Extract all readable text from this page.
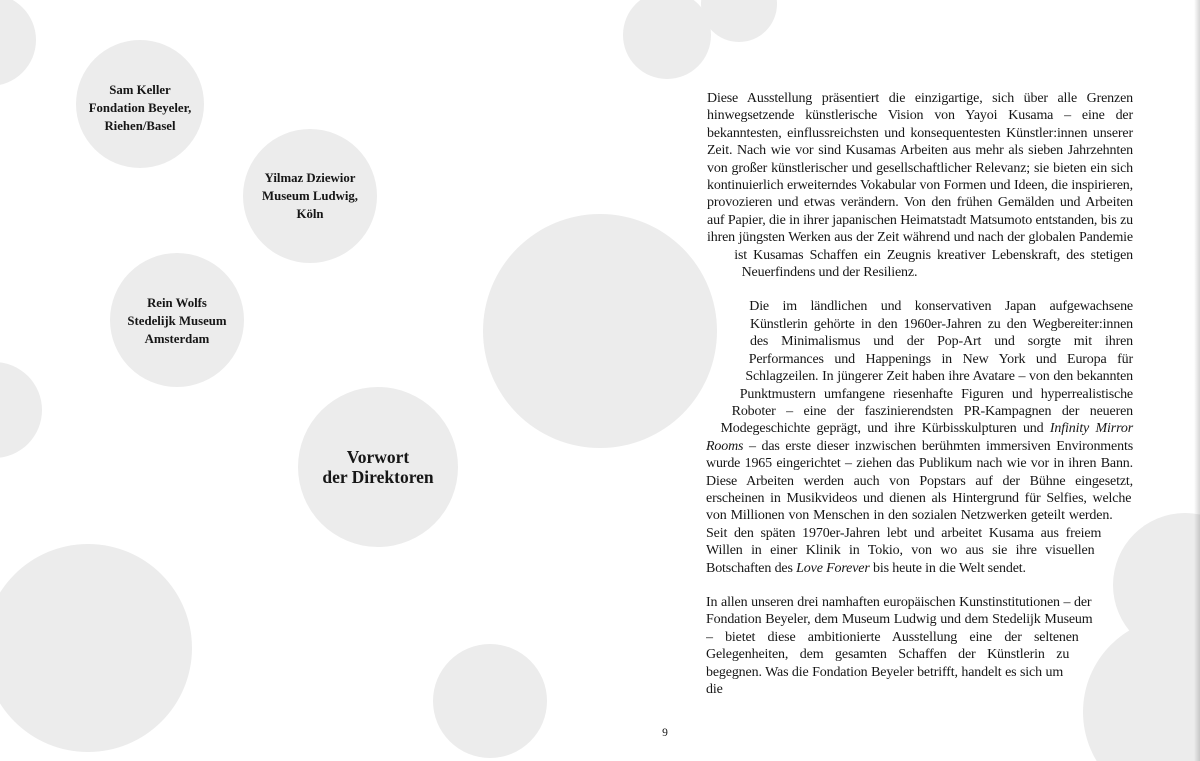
Sam Keller
Fondation Beyeler,
Riehen/Basel
Yilmaz Dziewior
Museum Ludwig,
Köln
Rein Wolfs
Stedelijk Museum
Amsterdam
Vorwort
der Direktoren

Diese Ausstellung präsentiert die einzigartige, sich über alle Grenzen hinwegsetzende künstlerische Vision von Yayoi Kusama – eine der bekanntesten, einflussreichsten und konsequentesten Künstler:innen unserer Zeit. Nach wie vor sind Kusamas Arbeiten aus mehr als sieben Jahrzehnten von großer künstlerischer und gesellschaftlicher Relevanz; sie bieten ein sich kontinuierlich erweiterndes Vokabular von Formen und Ideen, die inspirieren, provozieren und etwas verändern. Von den frühen Gemälden und Arbeiten auf Papier, die in ihrer japanischen Heimatstadt Matsumoto entstanden, bis zu ihren jüngsten Werken aus der Zeit während und nach der globalen Pandemie ist Kusamas Schaffen ein Zeugnis kreativer Lebenskraft, des stetigen Neuerfindens und der Resilienz.

Die im ländlichen und konservativen Japan aufgewachsene Künstlerin gehörte in den 1960er-Jahren zu den Wegbereiter:innen des Minimalismus und der Pop-Art und sorgte mit ihren Performances und Happenings in New York und Europa für Schlagzeilen. In jüngerer Zeit haben ihre Avatare – von den bekannten Punktmustern umfangene riesenhafte Figuren und hyperrealistische Roboter – eine der faszinierendsten PR-Kampagnen der neueren Modegeschichte geprägt, und ihre Kürbisskulpturen und Infinity Mirror Rooms – das erste dieser inzwischen berühmten immersiven Environments wurde 1965 eingerichtet – ziehen das Publikum nach wie vor in ihren Bann. Diese Arbeiten werden auch von Popstars auf der Bühne eingesetzt, erscheinen in Musikvideos und dienen als Hintergrund für Selfies, welche von Millionen von Menschen in den sozialen Netzwerken geteilt werden. Seit den späten 1970er-Jahren lebt und arbeitet Kusama aus freiem Willen in einer Klinik in Tokio, von wo aus sie ihre visuellen Botschaften des Love Forever bis heute in die Welt sendet.

In allen unseren drei namhaften europäischen Kunstinstitutionen – der Fondation Beyeler, dem Museum Ludwig und dem Stedelijk Museum – bietet diese ambitionierte Ausstellung eine der seltenen Gelegenheiten, dem gesamten Schaffen der Künstlerin zu begegnen. Was die Fondation Beyeler betrifft, handelt es sich um die

9
